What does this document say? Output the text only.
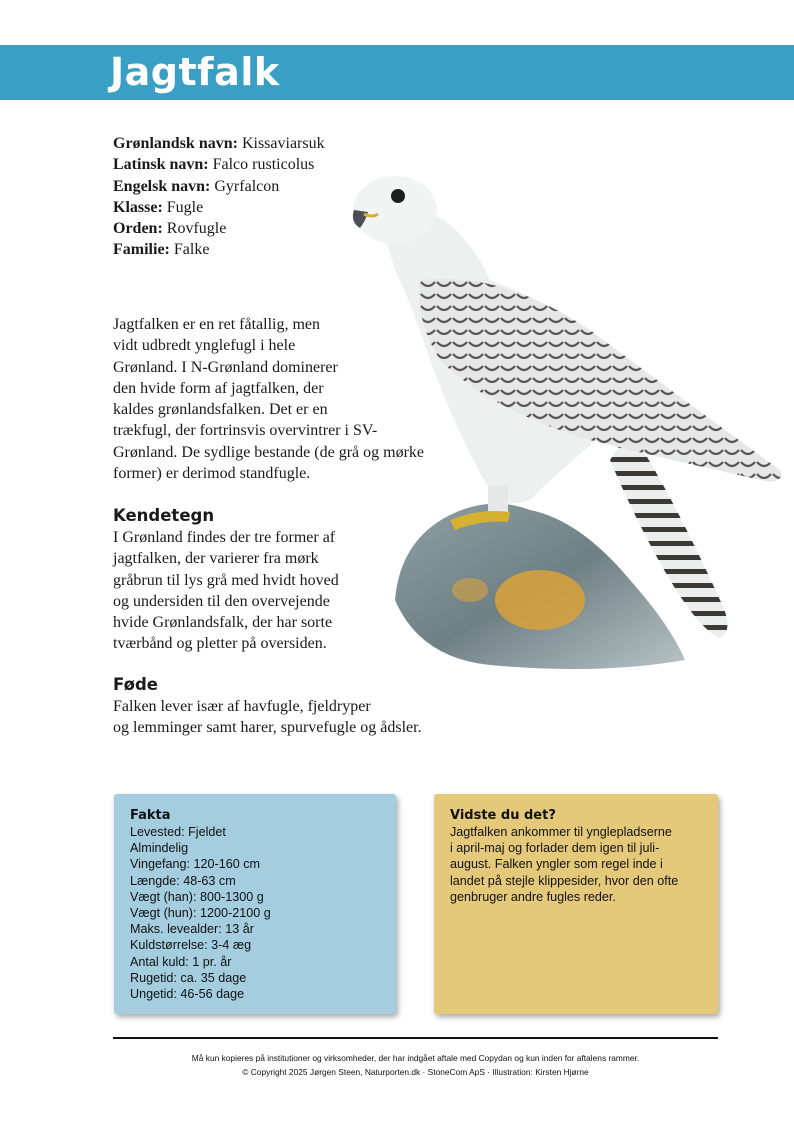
Jagtfalk
Grønlandsk navn: Kissaviarsuk
Latinsk navn: Falco rusticolus
Engelsk navn: Gyrfalcon
Klasse: Fugle
Orden: Rovfugle
Familie: Falke
Jagtfalken er en ret fåtallig, men
vidt udbredt ynglefugl i hele
Grønland. I N-Grønland dominerer
den hvide form af jagtfalken, der
kaldes grønlandsfalken. Det er en
trækfugl, der fortrinsvis overvintrer i SV-
Grønland. De sydlige bestande (de grå og mørke
former) er derimod standfugle.
Kendetegn
I Grønland findes der tre former af
jagtfalken, der varierer fra mørk
gråbrun til lys grå med hvidt hoved
og undersiden til den overvejende
hvide Grønlandsfalk, der har sorte
tværbånd og pletter på oversiden.
Føde
Falken lever især af havfugle, fjeldryper
og lemminger samt harer, spurvefugle og ådsler.
Fakta
Levested: Fjeldet
Almindelig
Vingefang: 120-160 cm
Længde: 48-63 cm
Vægt (han): 800-1300 g
Vægt (hun): 1200-2100 g
Maks. levealder: 13 år
Kuldstørrelse: 3-4 æg
Antal kuld: 1 pr. år
Rugetid: ca. 35 dage
Ungetid: 46-56 dage
Vidste du det?
Jagtfalken ankommer til ynglepladserne
i april-maj og forlader dem igen til juli-
august. Falken yngler som regel inde i
landet på stejle klippesider, hvor den ofte
genbruger andre fugles reder.
Må kun kopieres på institutioner og virksomheder, der har indgået aftale med Copydan og kun inden for aftalens rammer.
© Copyright 2025 Jørgen Steen, Naturporten.dk · StoneCom ApS · Illustration: Kirsten Hjørne
